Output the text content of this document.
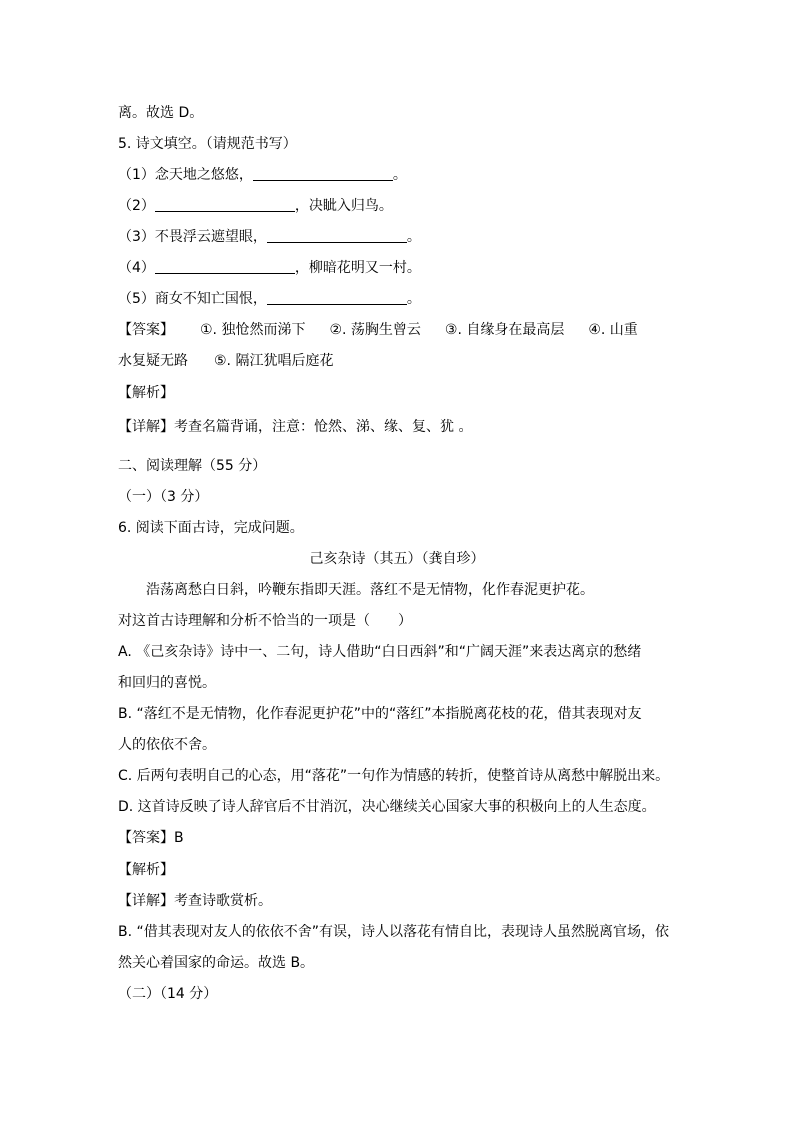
离。故选 D。

5. 诗文填空。（请规范书写）

（1）念天地之悠悠，	。

（2）	，决眦入归鸟。

（3）不畏浮云遮望眼，	。

（4）	，柳暗花明又一村。

（5）商女不知亡国恨，	。

【答案】 ①. 独怆然而涕下 ②. 荡胸生曾云 ③. 自缘身在最高层 ④. 山重

水复疑无路 ⑤. 隔江犹唱后庭花

【解析】

【详解】考查名篇背诵，注意：怆然、涕、缘、复、犹 。

二、阅读理解（55 分）

（一）（3 分）

6. 阅读下面古诗，完成问题。

己亥杂诗（其五）（龚自珍）

浩荡离愁白日斜，吟鞭东指即天涯。落红不是无情物，化作春泥更护花。

对这首古诗理解和分析不恰当的一项是（　　）

A. 《己亥杂诗》诗中一、二句，诗人借助“白日西斜”和“广阔天涯”来表达离京的愁绪

和回归的喜悦。

B. “落红不是无情物，化作春泥更护花”中的“落红”本指脱离花枝的花，借其表现对友

人的依依不舍。

C. 后两句表明自己的心态，用“落花”一句作为情感的转折，使整首诗从离愁中解脱出来。

D. 这首诗反映了诗人辞官后不甘消沉，决心继续关心国家大事的积极向上的人生态度。

【答案】B

【解析】

【详解】考查诗歌赏析。

B. “借其表现对友人的依依不舍”有误，诗人以落花有情自比，表现诗人虽然脱离官场，依

然关心着国家的命运。故选 B。

（二）（14 分）
